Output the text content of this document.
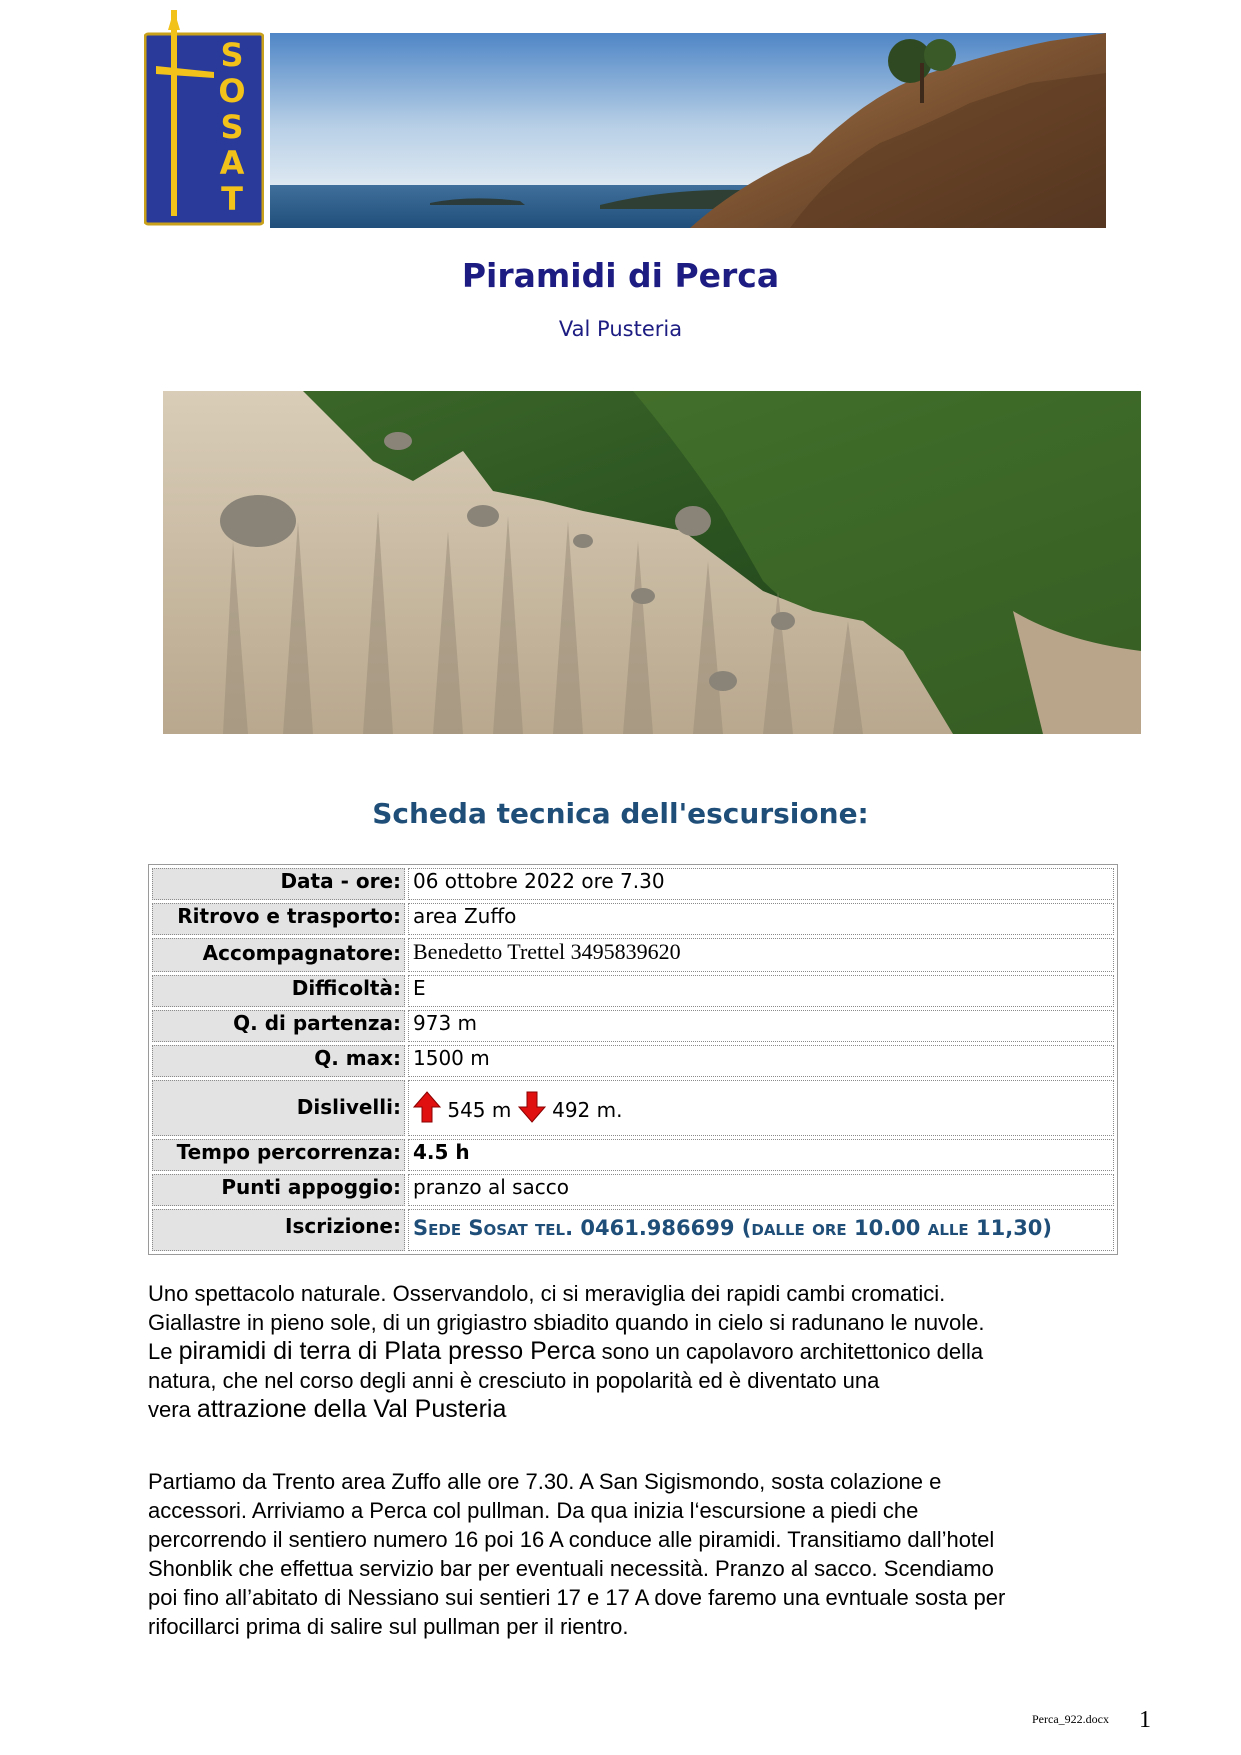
S
O
S
A
T
Piramidi di Perca
Val Pusteria
Scheda tecnica dell'escursione:
Data - ore: 06 ottobre 2022 ore 7.30
Ritrovo e trasporto: area Zuffo
Accompagnatore: Benedetto Trettel 3495839620
Difficoltà: E
Q. di partenza: 973 m
Q. max: 1500 m
Dislivelli:	545 m 492 m.
Tempo percorrenza: 4.5 h
Punti appoggio: pranzo al sacco
Iscrizione: Sede Sosat tel. 0461.986699 (dalle ore 10.00 alle 11,30)
Uno spettacolo naturale. Osservandolo, ci si meraviglia dei rapidi cambi cromatici.
Giallastre in pieno sole, di un grigiastro sbiadito quando in cielo si radunano le nuvole.
Le piramidi di terra di Plata presso Perca sono un capolavoro architettonico della
natura, che nel corso degli anni è cresciuto in popolarità ed è diventato una
vera attrazione della Val Pusteria
Partiamo da Trento area Zuffo alle ore 7.30. A San Sigismondo, sosta colazione e
accessori. Arriviamo a Perca col pullman. Da qua inizia l‘escursione a piedi che
percorrendo il sentiero numero 16 poi 16 A conduce alle piramidi. Transitiamo dall’hotel
Shonblik che effettua servizio bar per eventuali necessità. Pranzo al sacco. Scendiamo
poi fino all’abitato di Nessiano sui sentieri 17 e 17 A dove faremo una evntuale sosta per
rifocillarci prima di salire sul pullman per il rientro.
Perca_922.docx 1
